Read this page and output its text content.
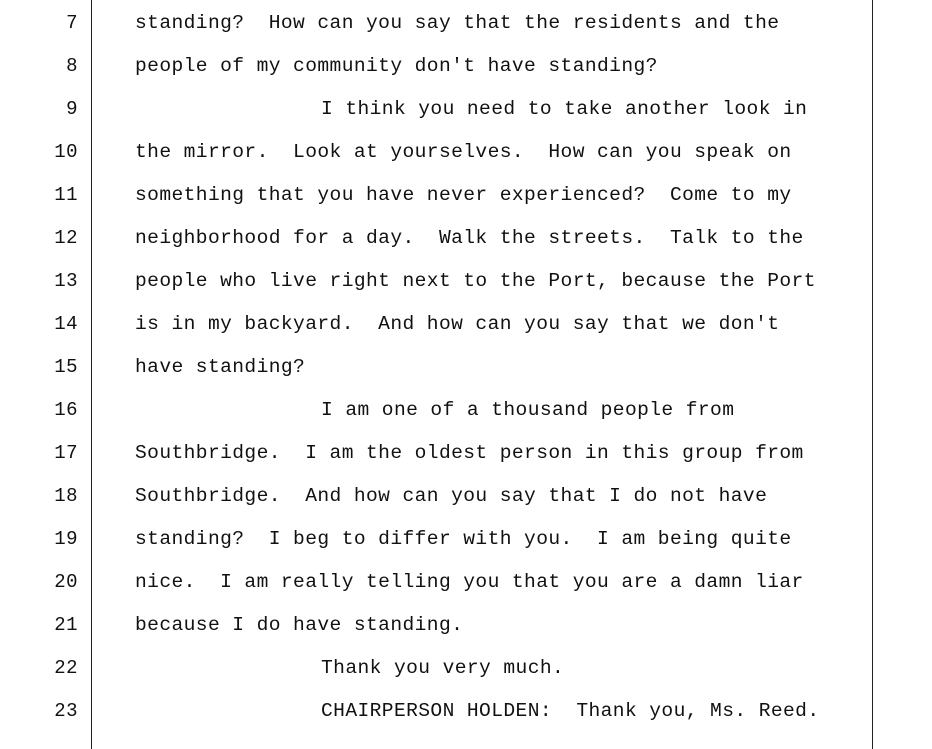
7	standing?  How can you say that the residents and the
8	people of my community don't have standing?
9	I think you need to take another look in
10	the mirror.  Look at yourselves.  How can you speak on
11	something that you have never experienced?  Come to my
12	neighborhood for a day.  Walk the streets.  Talk to the
13	people who live right next to the Port, because the Port
14	is in my backyard.  And how can you say that we don't
15	have standing?
16	I am one of a thousand people from
17	Southbridge.  I am the oldest person in this group from
18	Southbridge.  And how can you say that I do not have
19	standing?  I beg to differ with you.  I am being quite
20	nice.  I am really telling you that you are a damn liar
21	because I do have standing.
22	Thank you very much.
23	CHAIRPERSON HOLDEN:  Thank you, Ms. Reed.
